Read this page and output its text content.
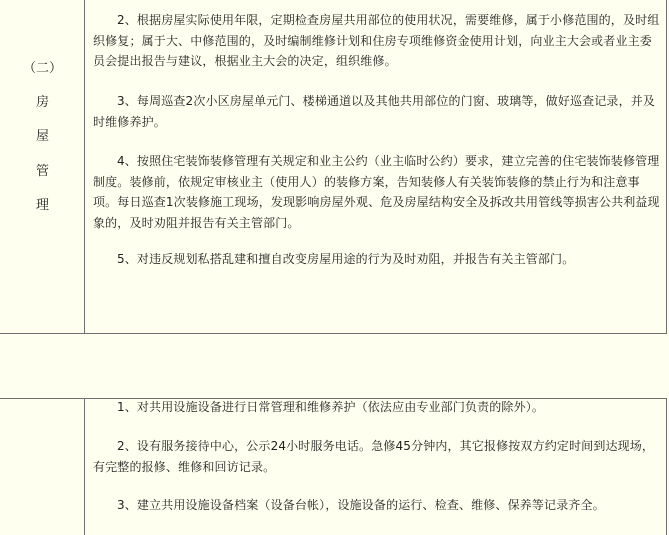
（二）
房
屋
管
理

2、根据房屋实际使用年限，定期检查房屋共用部位的使用状况，需要维修，属于小修范围的，及时组织修复；属于大、中修范围的，及时编制维修计划和住房专项维修资金使用计划，向业主大会或者业主委员会提出报告与建议，根据业主大会的决定，组织维修。

3、每周巡查2次小区房屋单元门、楼梯通道以及其他共用部位的门窗、玻璃等，做好巡查记录，并及时维修养护。

4、按照住宅装饰装修管理有关规定和业主公约（业主临时公约）要求，建立完善的住宅装饰装修管理制度。装修前，依规定审核业主（使用人）的装修方案，告知装修人有关装饰装修的禁止行为和注意事项。每日巡查1次装修施工现场，发现影响房屋外观、危及房屋结构安全及拆改共用管线等损害公共利益现象的，及时劝阻并报告有关主管部门。

5、对违反规划私搭乱建和擅自改变房屋用途的行为及时劝阻，并报告有关主管部门。

1、对共用设施设备进行日常管理和维修养护（依法应由专业部门负责的除外）。

2、设有服务接待中心，公示24小时服务电话。急修45分钟内，其它报修按双方约定时间到达现场，有完整的报修、维修和回访记录。

3、建立共用设施设备档案（设备台帐），设施设备的运行、检查、维修、保养等记录齐全。
